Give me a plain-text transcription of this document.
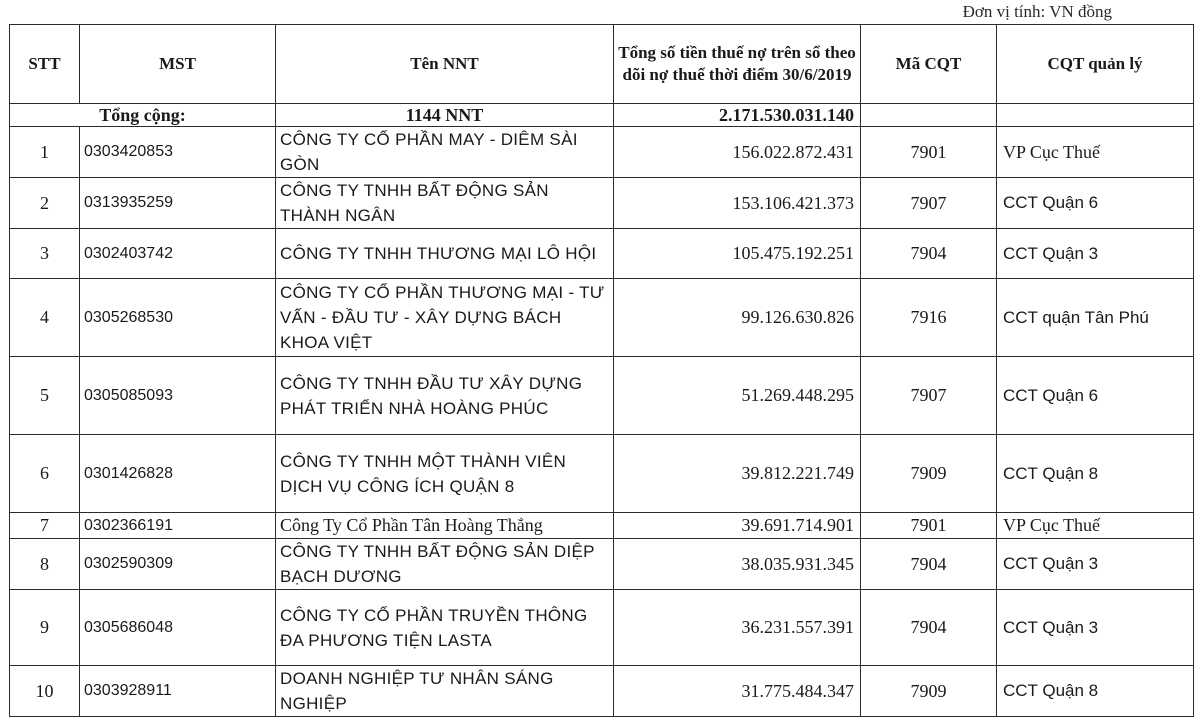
Đơn vị tính: VN đồng
STT	MST	Tên NNT	Tổng số tiền thuế nợ trên sổ theo dõi nợ thuế thời điểm 30/6/2019	Mã CQT	CQT quản lý
Tổng cộng:		1144 NNT	2.171.530.031.140		
1	0303420853	CÔNG TY CỔ PHẦN MAY - DIÊM SÀI GÒN	156.022.872.431	7901	VP Cục Thuế
2	0313935259	CÔNG TY TNHH BẤT ĐỘNG SẢN THÀNH NGÂN	153.106.421.373	7907	CCT Quận 6
3	0302403742	CÔNG TY TNHH THƯƠNG MẠI LÔ HỘI	105.475.192.251	7904	CCT Quận 3
4	0305268530	CÔNG TY CỔ PHẦN THƯƠNG MẠI - TƯ VẤN - ĐẦU TƯ - XÂY DỰNG BÁCH KHOA VIỆT	99.126.630.826	7916	CCT quận Tân Phú
5	0305085093	CÔNG TY TNHH ĐẦU TƯ XÂY DỰNG PHÁT TRIỂN NHÀ HOÀNG PHÚC	51.269.448.295	7907	CCT Quận 6
6	0301426828	CÔNG TY TNHH MỘT THÀNH VIÊN DỊCH VỤ CÔNG ÍCH QUẬN 8	39.812.221.749	7909	CCT Quận 8
7	0302366191	Công Ty Cổ Phần Tân Hoàng Thắng	39.691.714.901	7901	VP Cục Thuế
8	0302590309	CÔNG TY TNHH BẤT ĐỘNG SẢN DIỆP BẠCH DƯƠNG	38.035.931.345	7904	CCT Quận 3
9	0305686048	CÔNG TY CỔ PHẦN TRUYỀN THÔNG ĐA PHƯƠNG TIỆN LASTA	36.231.557.391	7904	CCT Quận 3
10	0303928911	DOANH NGHIỆP TƯ NHÂN SÁNG NGHIỆP	31.775.484.347	7909	CCT Quận 8
